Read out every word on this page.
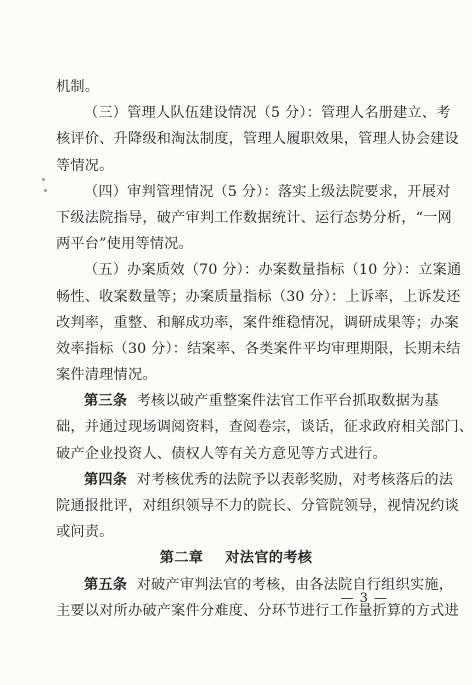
机制。
（三）管理人队伍建设情况（5 分）：管理人名册建立、考
核评价、升降级和淘汰制度，管理人履职效果，管理人协会建设
等情况。
（四）审判管理情况（5 分）：落实上级法院要求，开展对
下级法院指导，破产审判工作数据统计、运行态势分析，“一网
两平台”使用等情况。
（五）办案质效（70 分）：办案数量指标（10 分）：立案通
畅性、收案数量等；办案质量指标（30 分）：上诉率，上诉发还
改判率，重整、和解成功率，案件维稳情况，调研成果等；办案
效率指标（30 分）：结案率、各类案件平均审理期限，长期未结
案件清理情况。
第三条 考核以破产重整案件法官工作平台抓取数据为基
础，并通过现场调阅资料，查阅卷宗，谈话，征求政府相关部门、
破产企业投资人、债权人等有关方意见等方式进行。
第四条 对考核优秀的法院予以表彰奖励，对考核落后的法
院通报批评，对组织领导不力的院长、分管院领导，视情况约谈
或问责。
第二章 对法官的考核
第五条 对破产审判法官的考核，由各法院自行组织实施，
主要以对所办破产案件分难度、分环节进行工作量折算的方式进
— 3 —
